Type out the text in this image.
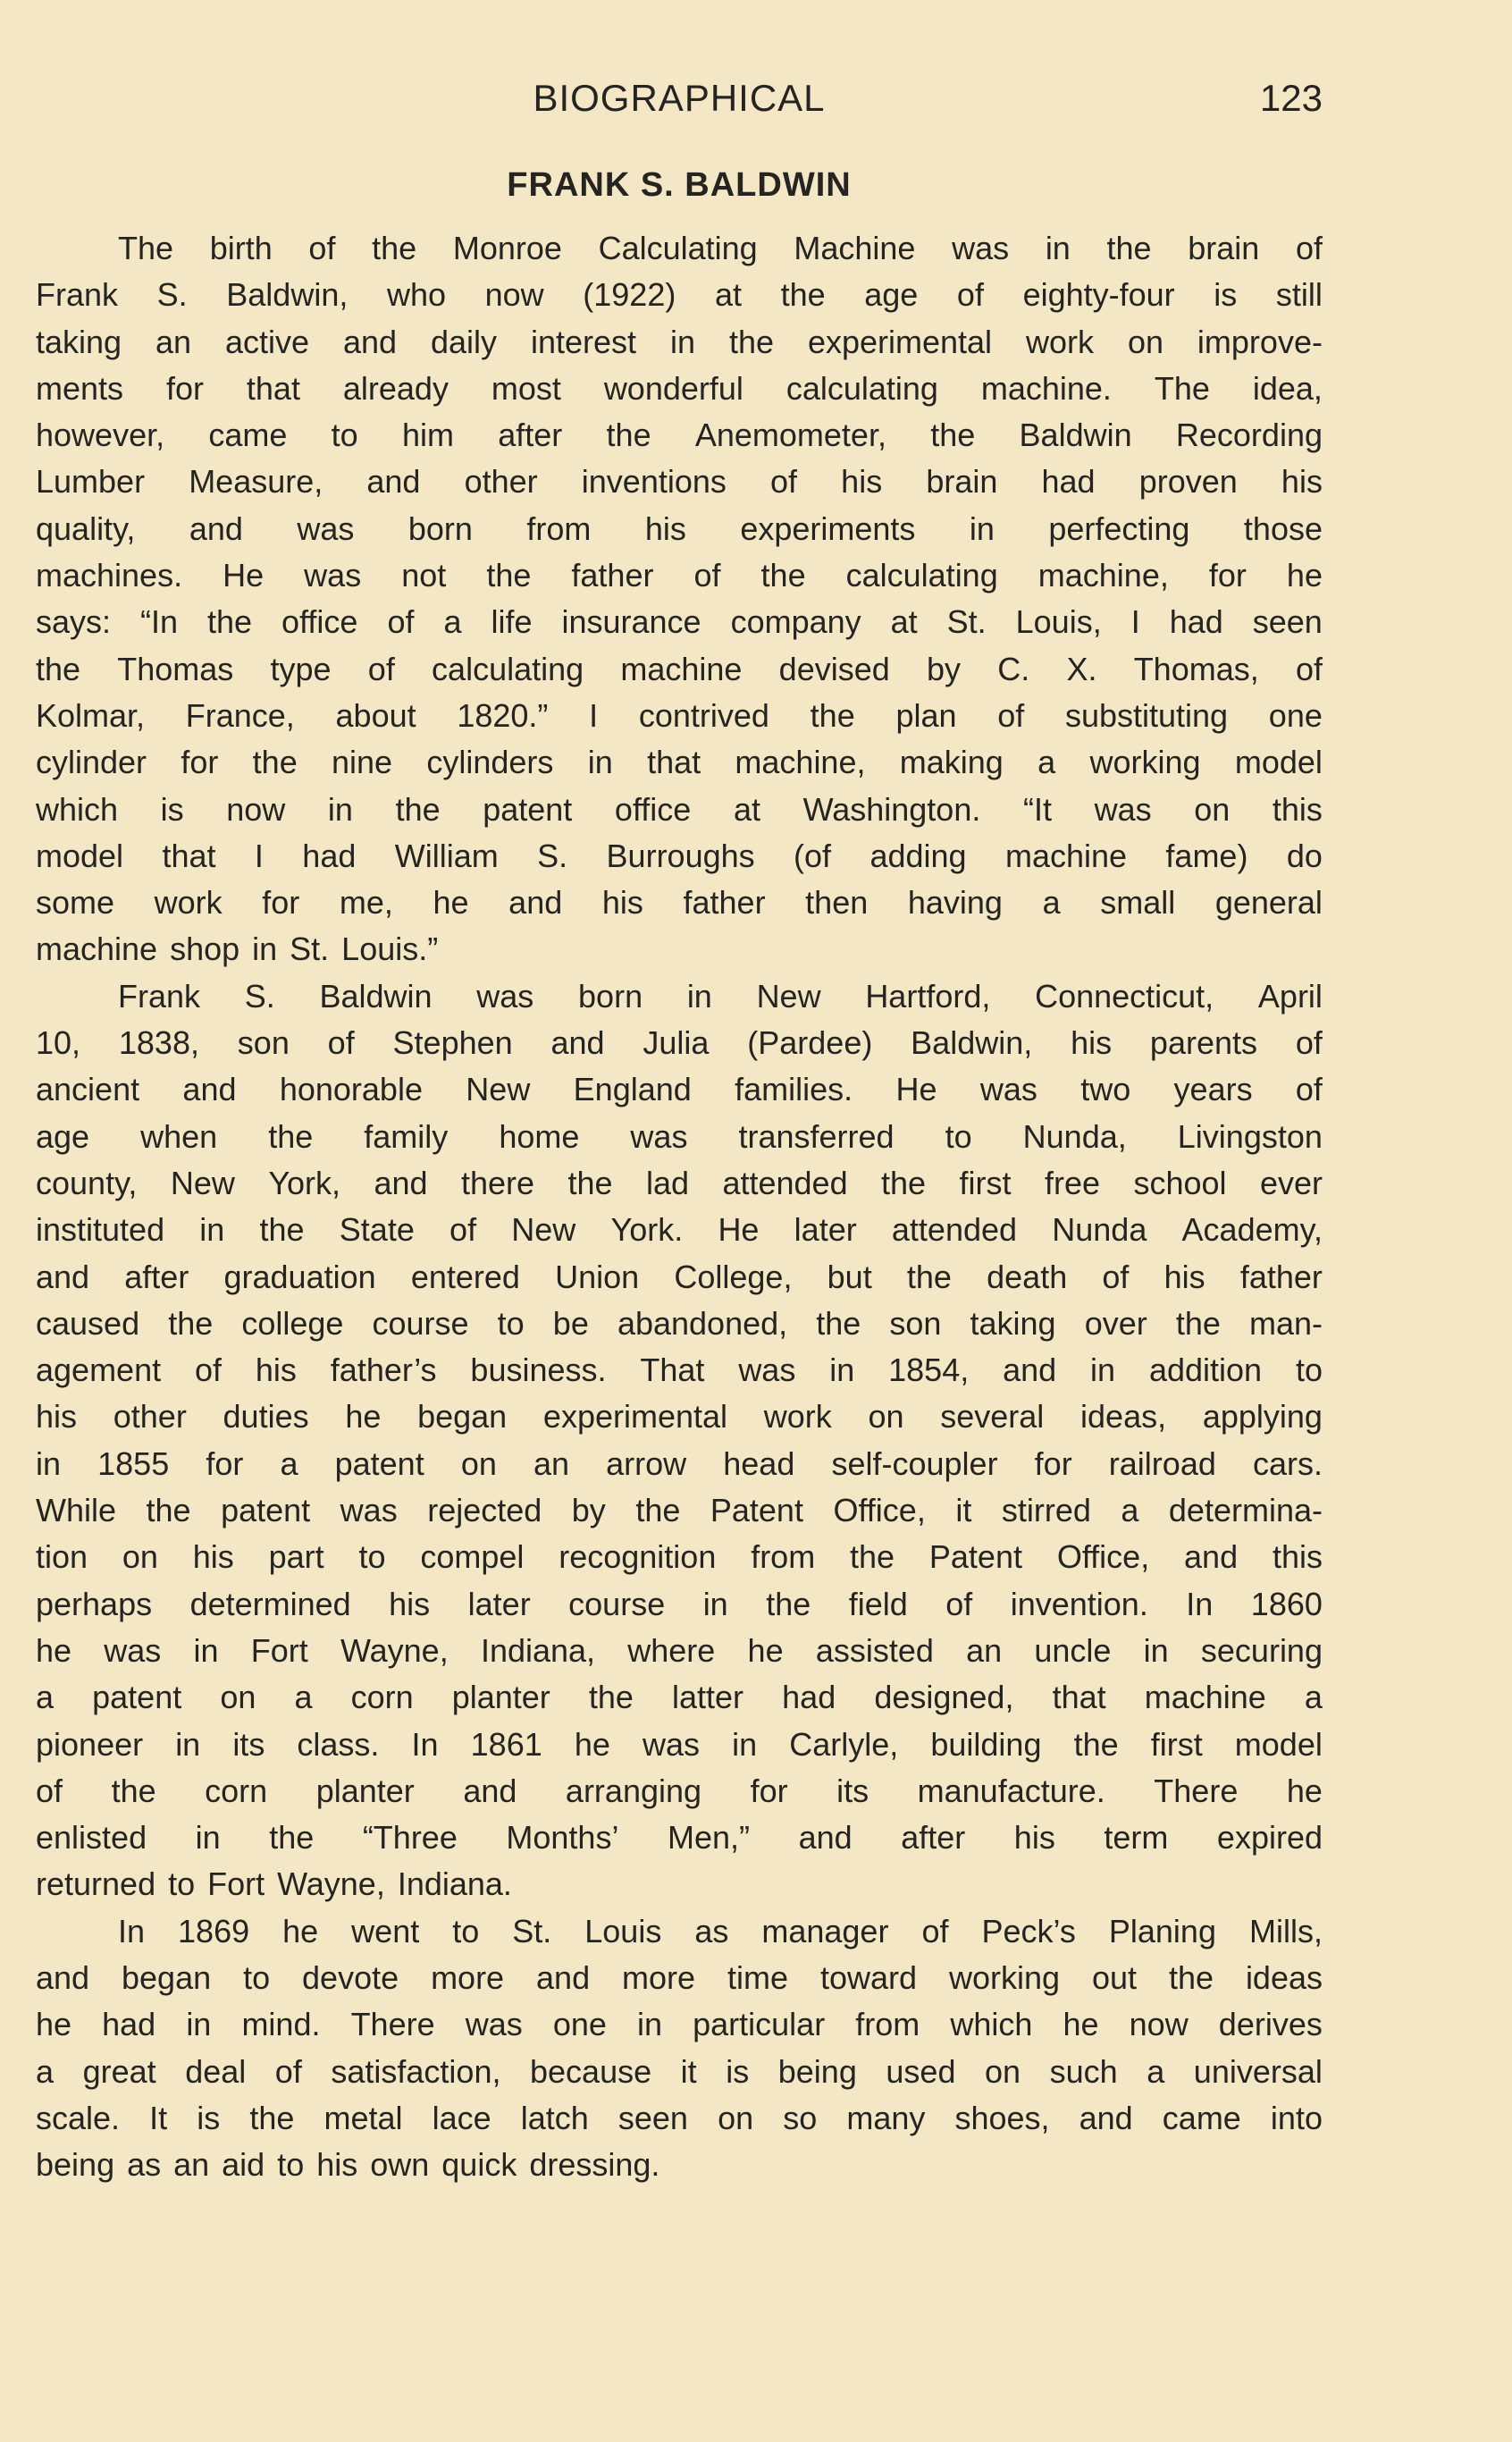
BIOGRAPHICAL	123
FRANK S. BALDWIN
The birth of the Monroe Calculating Machine was in the brain of
Frank S. Baldwin, who now (1922) at the age of eighty-four is still
taking an active and daily interest in the experimental work on improve-
ments for that already most wonderful calculating machine. The idea,
however, came to him after the Anemometer, the Baldwin Recording
Lumber Measure, and other inventions of his brain had proven his
quality, and was born from his experiments in perfecting those
machines. He was not the father of the calculating machine, for he
says: “In the office of a life insurance company at St. Louis, I had seen
the Thomas type of calculating machine devised by C. X. Thomas, of
Kolmar, France, about 1820.” I contrived the plan of substituting one
cylinder for the nine cylinders in that machine, making a working model
which is now in the patent office at Washington. “It was on this
model that I had William S. Burroughs (of adding machine fame) do
some work for me, he and his father then having a small general
machine shop in St. Louis.”
Frank S. Baldwin was born in New Hartford, Connecticut, April
10, 1838, son of Stephen and Julia (Pardee) Baldwin, his parents of
ancient and honorable New England families. He was two years of
age when the family home was transferred to Nunda, Livingston
county, New York, and there the lad attended the first free school ever
instituted in the State of New York. He later attended Nunda Academy,
and after graduation entered Union College, but the death of his father
caused the college course to be abandoned, the son taking over the man-
agement of his father’s business. That was in 1854, and in addition to
his other duties he began experimental work on several ideas, applying
in 1855 for a patent on an arrow head self-coupler for railroad cars.
While the patent was rejected by the Patent Office, it stirred a determina-
tion on his part to compel recognition from the Patent Office, and this
perhaps determined his later course in the field of invention. In 1860
he was in Fort Wayne, Indiana, where he assisted an uncle in securing
a patent on a corn planter the latter had designed, that machine a
pioneer in its class. In 1861 he was in Carlyle, building the first model
of the corn planter and arranging for its manufacture. There he
enlisted in the “Three Months’ Men,” and after his term expired
returned to Fort Wayne, Indiana.
In 1869 he went to St. Louis as manager of Peck’s Planing Mills,
and began to devote more and more time toward working out the ideas
he had in mind. There was one in particular from which he now derives
a great deal of satisfaction, because it is being used on such a universal
scale. It is the metal lace latch seen on so many shoes, and came into
being as an aid to his own quick dressing.
